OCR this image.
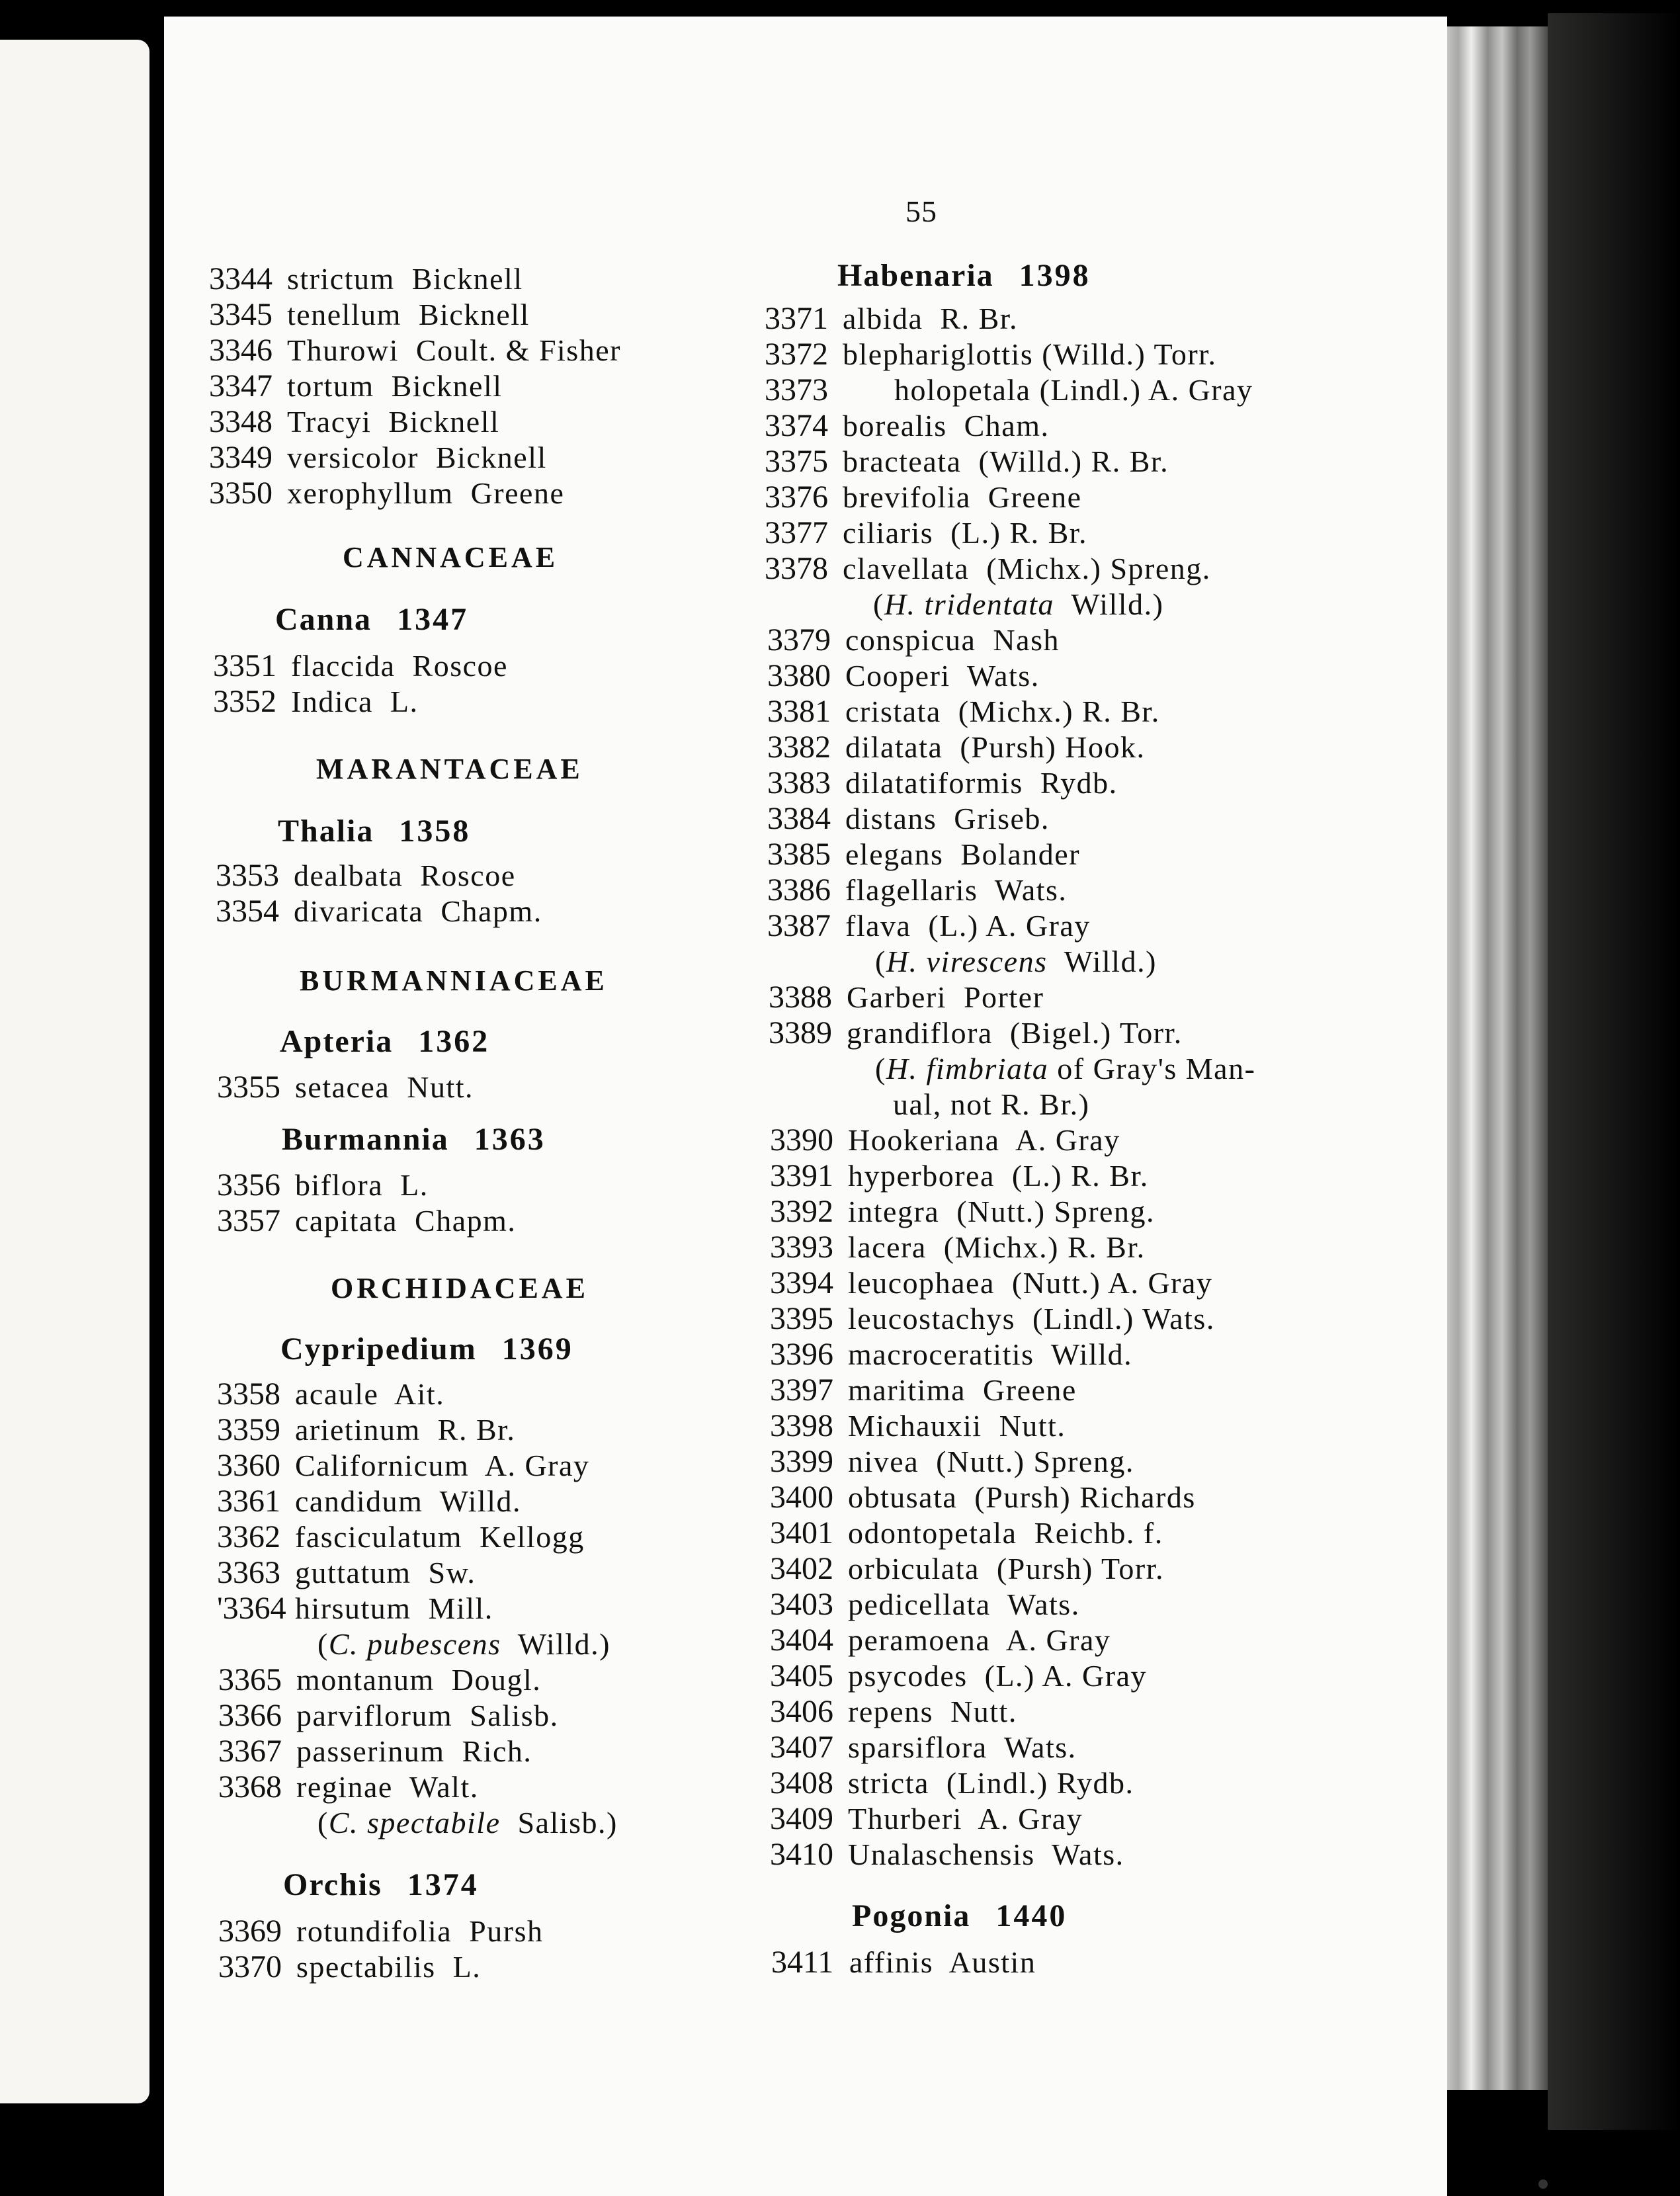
55
3344 strictum  Bicknell
3345 tenellum  Bicknell
3346 Thurowi  Coult. & Fisher
3347 tortum  Bicknell
3348 Tracyi  Bicknell
3349 versicolor  Bicknell
3350 xerophyllum  Greene
CANNACEAE
Canna 1347
3351 flaccida  Roscoe
3352 Indica  L.
MARANTACEAE
Thalia 1358
3353 dealbata  Roscoe
3354 divaricata  Chapm.
BURMANNIACEAE
Apteria 1362
3355 setacea  Nutt.
Burmannia 1363
3356 biflora  L.
3357 capitata  Chapm.
ORCHIDACEAE
Cypripedium 1369
3358 acaule  Ait.
3359 arietinum  R. Br.
3360 Californicum  A. Gray
3361 candidum  Willd.
3362 fasciculatum  Kellogg
3363 guttatum  Sw.
'3364 hirsutum  Mill.
(C. pubescens  Willd.)
3365 montanum  Dougl.
3366 parviflorum  Salisb.
3367 passerinum  Rich.
3368 reginae  Walt.
(C. spectabile  Salisb.)
Orchis 1374
3369 rotundifolia  Pursh
3370 spectabilis  L.
Habenaria 1398
3371 albida  R. Br.
3372 blephariglottis (Willd.) Torr.
3373      holopetala (Lindl.) A. Gray
3374 borealis  Cham.
3375 bracteata  (Willd.) R. Br.
3376 brevifolia  Greene
3377 ciliaris  (L.) R. Br.
3378 clavellata  (Michx.) Spreng.
(H. tridentata  Willd.)
3379 conspicua  Nash
3380 Cooperi  Wats.
3381 cristata  (Michx.) R. Br.
3382 dilatata  (Pursh) Hook.
3383 dilatatiformis  Rydb.
3384 distans  Griseb.
3385 elegans  Bolander
3386 flagellaris  Wats.
3387 flava  (L.) A. Gray
(H. virescens  Willd.)
3388 Garberi  Porter
3389 grandiflora  (Bigel.) Torr.
(H. fimbriata of Gray's Man-
ual, not R. Br.)
3390 Hookeriana  A. Gray
3391 hyperborea  (L.) R. Br.
3392 integra  (Nutt.) Spreng.
3393 lacera  (Michx.) R. Br.
3394 leucophaea  (Nutt.) A. Gray
3395 leucostachys  (Lindl.) Wats.
3396 macroceratitis  Willd.
3397 maritima  Greene
3398 Michauxii  Nutt.
3399 nivea  (Nutt.) Spreng.
3400 obtusata  (Pursh) Richards
3401 odontopetala  Reichb. f.
3402 orbiculata  (Pursh) Torr.
3403 pedicellata  Wats.
3404 peramoena  A. Gray
3405 psycodes  (L.) A. Gray
3406 repens  Nutt.
3407 sparsiflora  Wats.
3408 stricta  (Lindl.) Rydb.
3409 Thurberi  A. Gray
3410 Unalaschensis  Wats.
Pogonia 1440
3411 affinis  Austin
